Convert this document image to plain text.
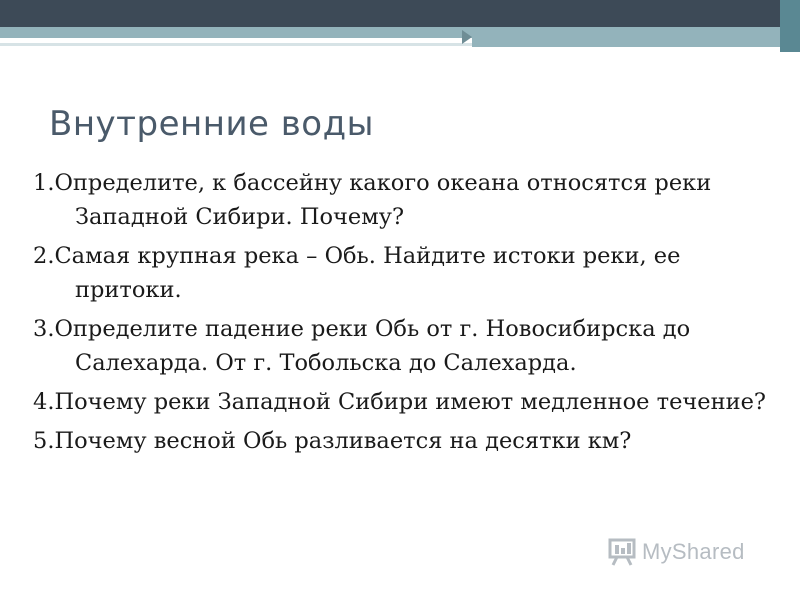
Внутренние воды
1.Определите, к бассейну какого океана относятся реки Западной Сибири. Почему?
2.Самая крупная река – Обь. Найдите истоки реки, ее притоки.
3.Определите падение реки Обь от г. Новосибирска до Салехарда. От г. Тобольска до Салехарда.
4.Почему реки Западной Сибири имеют медленное течение?
5.Почему весной Обь разливается на десятки км?
MyShared
